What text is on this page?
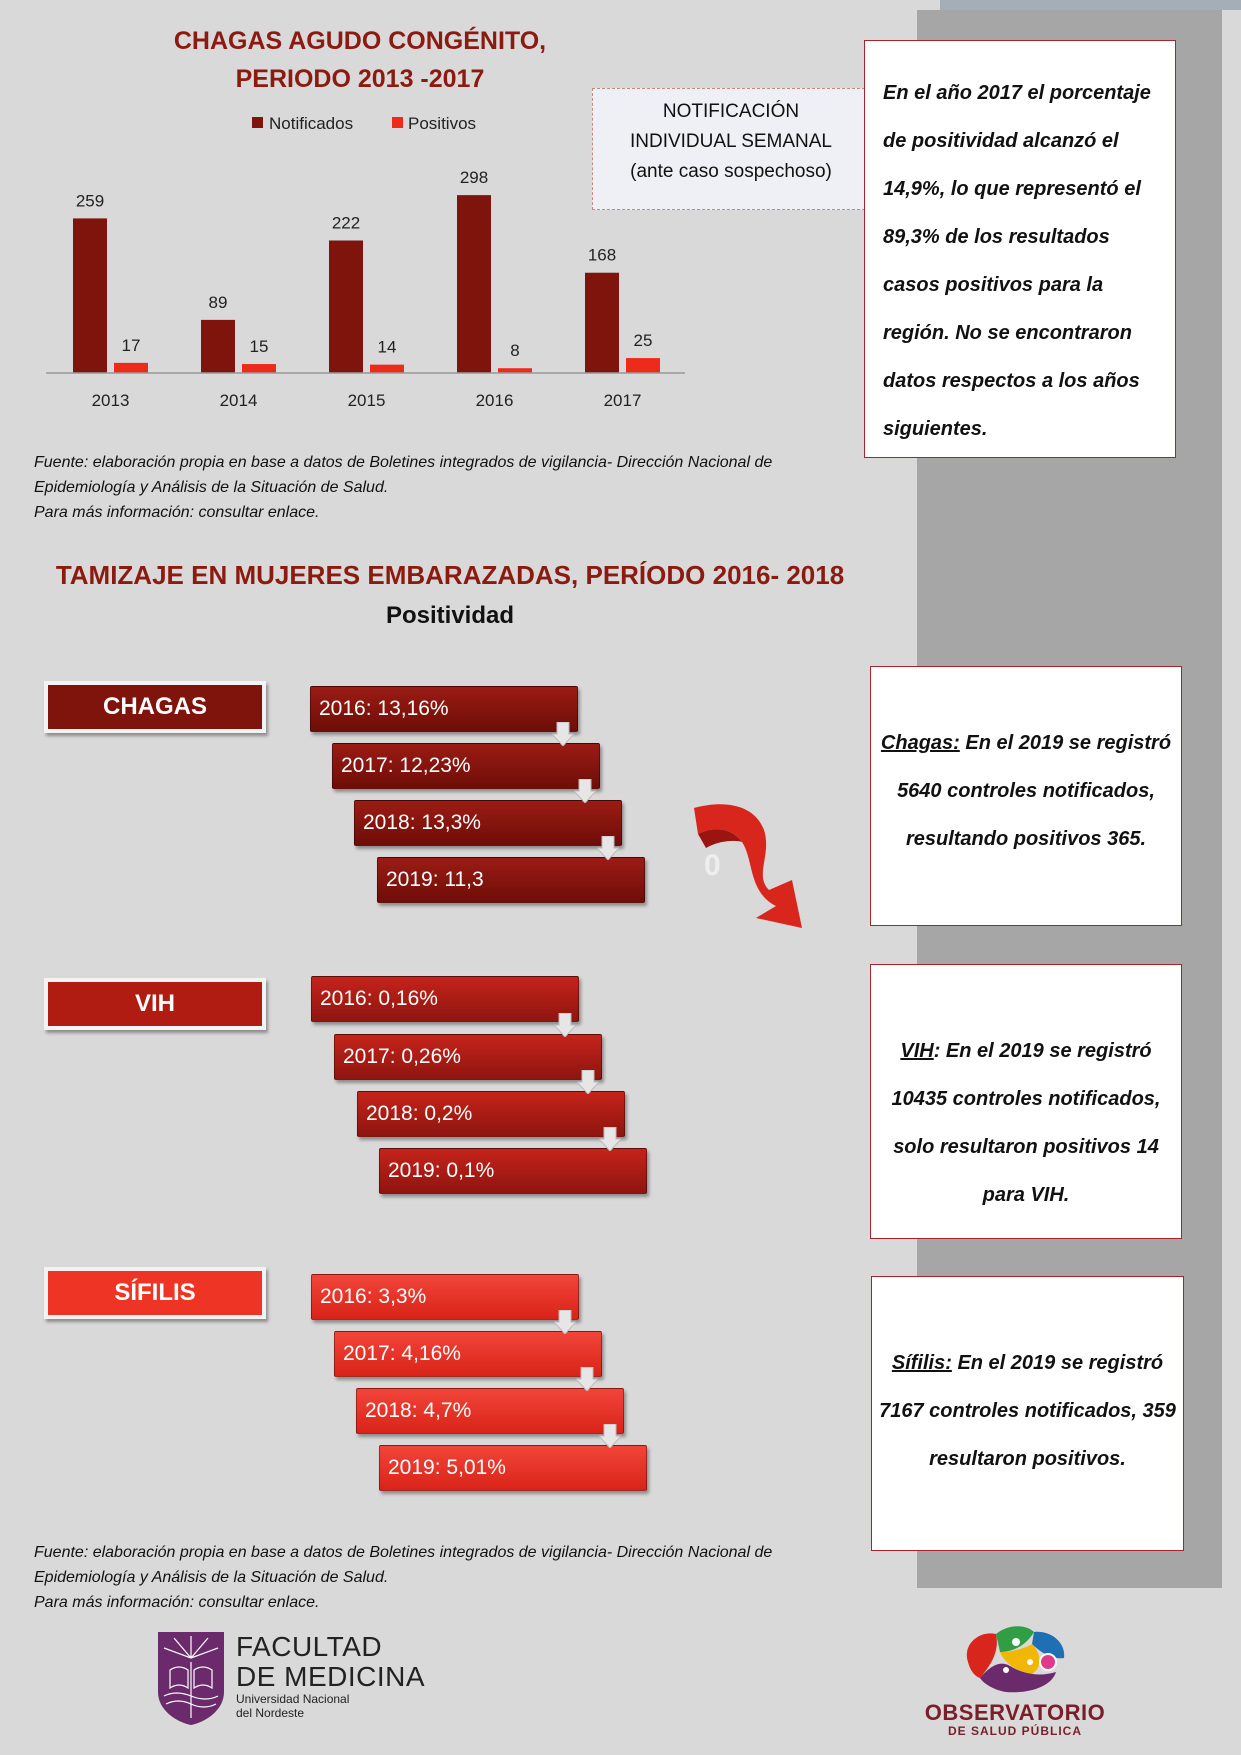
CHAGAS AGUDO CONGÉNITO,
PERIODO 2013 -2017
Notificados	Positivos
259
17
2013
89
15
2014
222
14
2015
298
8
2016
168
25
2017
NOTIFICACIÓN
INDIVIDUAL SEMANAL
(ante caso sospechoso)
En el año 2017 el porcentaje de positividad alcanzó el 14,9%, lo que representó el 89,3% de los resultados casos positivos para la región. No se encontraron datos respectos a los años siguientes.
Fuente: elaboración propia en base a datos de Boletines integrados de vigilancia- Dirección Nacional de
Epidemiología y Análisis de la Situación de Salud.
Para más información: consultar enlace.
TAMIZAJE EN MUJERES EMBARAZADAS, PERÍODO 2016- 2018
Positividad
CHAGAS	2016: 13,16%
2017: 12,23%
2018: 13,3%
2019: 11,3	0
VIH	2016: 0,16%
2017: 0,26%
2018: 0,2%
2019: 0,1%
SÍFILIS	2016: 3,3%
2017: 4,16%
2018: 4,7%
2019: 5,01%
Chagas: En el 2019 se registró 5640 controles notificados, resultando positivos 365.
VIH: En el 2019 se registró 10435 controles notificados, solo resultaron positivos 14 para VIH.
Sífilis: En el 2019 se registró 7167 controles notificados, 359 resultaron positivos.
Fuente: elaboración propia en base a datos de Boletines integrados de vigilancia- Dirección Nacional de
Epidemiología y Análisis de la Situación de Salud.
Para más información: consultar enlace.
FACULTAD
DE MEDICINA
Universidad Nacional
del Nordeste	OBSERVATORIO
DE SALUD PÚBLICA
